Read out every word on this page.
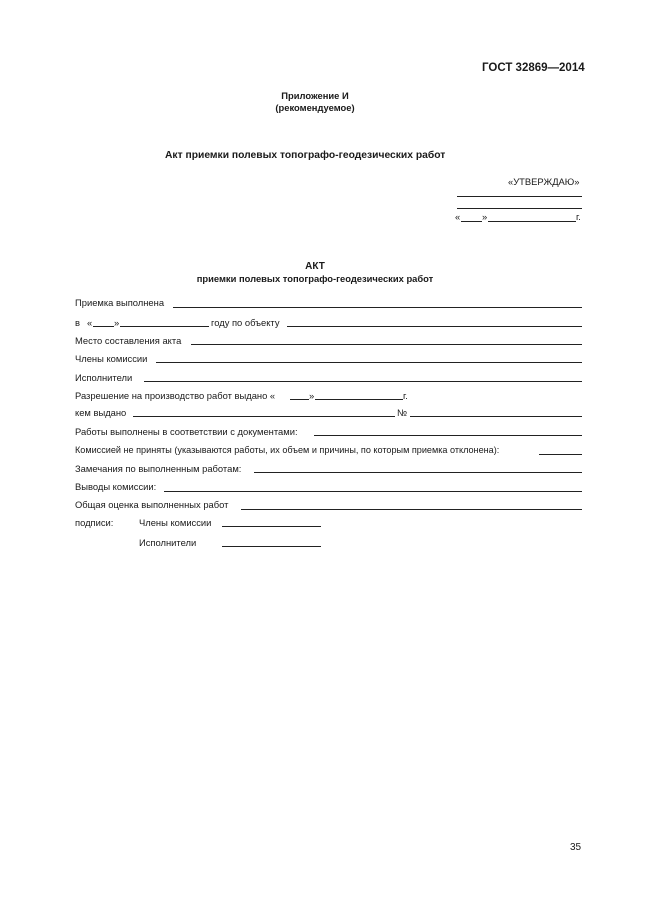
ГОСТ 32869—2014
Приложение И
(рекомендуемое)
Акт приемки полевых топографо-геодезических работ
«УТВЕРЖДАЮ»
« »	г.
АКТ
приемки полевых топографо-геодезических работ
Приемка выполнена
в « »	году по объекту
Место составления акта
Члены комиссии
Исполнители
Разрешение на производство работ выдано «	»	г.
кем выдано	№
Работы выполнены в соответствии с документами:
Комиссией не приняты (указываются работы, их объем и причины, по которым приемка отклонена):
Замечания по выполненным работам:
Выводы комиссии:
Общая оценка выполненных работ
подписи:	Члены комиссии
Исполнители
35
